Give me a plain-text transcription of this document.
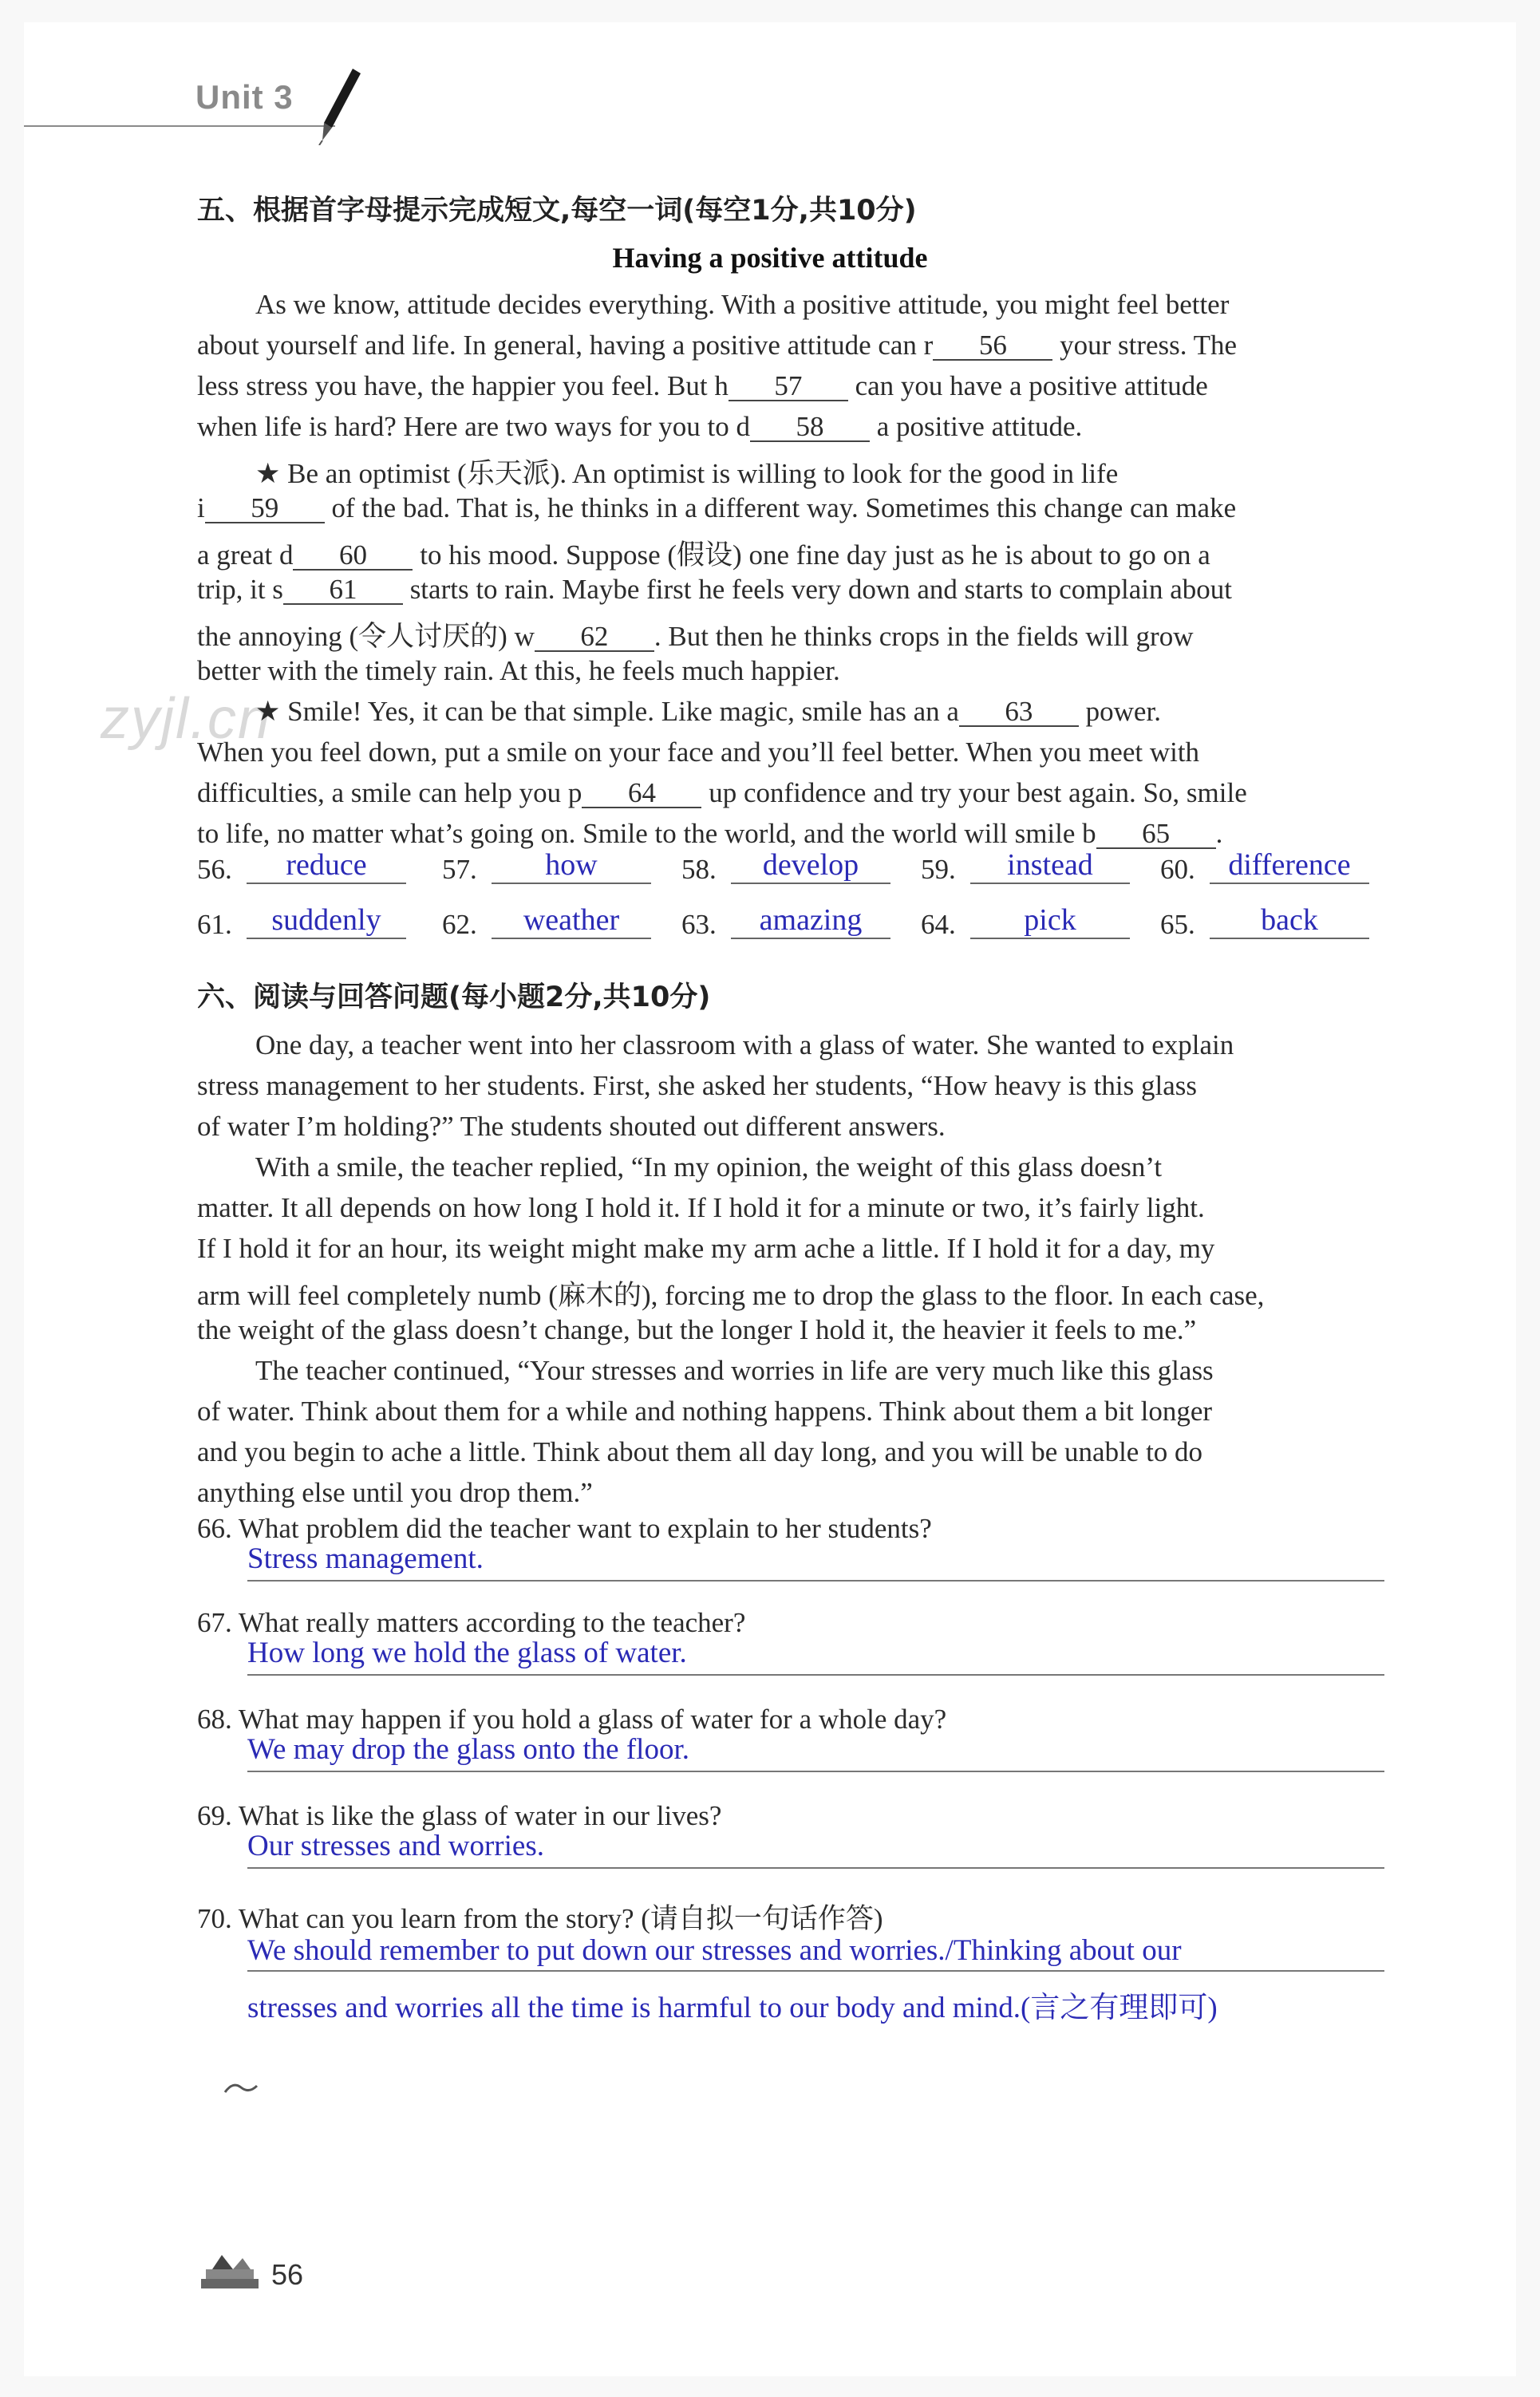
Unit 3
zyjl.cn
五、根据首字母提示完成短文,每空一词(每空1分,共10分)
Having a positive attitude
As we know, attitude decides everything. With a positive attitude, you might feel better
about yourself and life. In general, having a positive attitude can r 56 your stress. The
less stress you have, the happier you feel. But h 57 can you have a positive attitude
when life is hard? Here are two ways for you to d 58 a positive attitude.
★ Be an optimist (乐天派). An optimist is willing to look for the good in life
i 59 of the bad. That is, he thinks in a different way. Sometimes this change can make
a great d 60 to his mood. Suppose (假设) one fine day just as he is about to go on a
trip, it s 61 starts to rain. Maybe first he feels very down and starts to complain about
the annoying (令人讨厌的) w 62 . But then he thinks crops in the fields will grow
better with the timely rain. At this, he feels much happier.
★ Smile! Yes, it can be that simple. Like magic, smile has an a 63 power.
When you feel down, put a smile on your face and you’ll feel better. When you meet with
difficulties, a smile can help you p 64 up confidence and try your best again. So, smile
to life, no matter what’s going on. Smile to the world, and the world will smile b 65 .
56.	reduce	57.	how	58.	develop	59.	instead	60.	difference
61.	suddenly	62.	weather	63.	amazing	64.	pick	65.	back
六、阅读与回答问题(每小题2分,共10分)
One day, a teacher went into her classroom with a glass of water. She wanted to explain
stress management to her students. First, she asked her students, “How heavy is this glass
of water I’m holding?” The students shouted out different answers.
With a smile, the teacher replied, “In my opinion, the weight of this glass doesn’t
matter. It all depends on how long I hold it. If I hold it for a minute or two, it’s fairly light.
If I hold it for an hour, its weight might make my arm ache a little. If I hold it for a day, my
arm will feel completely numb (麻木的), forcing me to drop the glass to the floor. In each case,
the weight of the glass doesn’t change, but the longer I hold it, the heavier it feels to me.”
The teacher continued, “Your stresses and worries in life are very much like this glass
of water. Think about them for a while and nothing happens. Think about them a bit longer
and you begin to ache a little. Think about them all day long, and you will be unable to do
anything else until you drop them.”
66. What problem did the teacher want to explain to her students?
Stress management.
67. What really matters according to the teacher?
How long we hold the glass of water.
68. What may happen if you hold a glass of water for a whole day?
We may drop the glass onto the floor.
69. What is like the glass of water in our lives?
Our stresses and worries.
70. What can you learn from the story? (请自拟一句话作答)
We should remember to put down our stresses and worries./Thinking about our
stresses and worries all the time is harmful to our body and mind.(言之有理即可)
56
